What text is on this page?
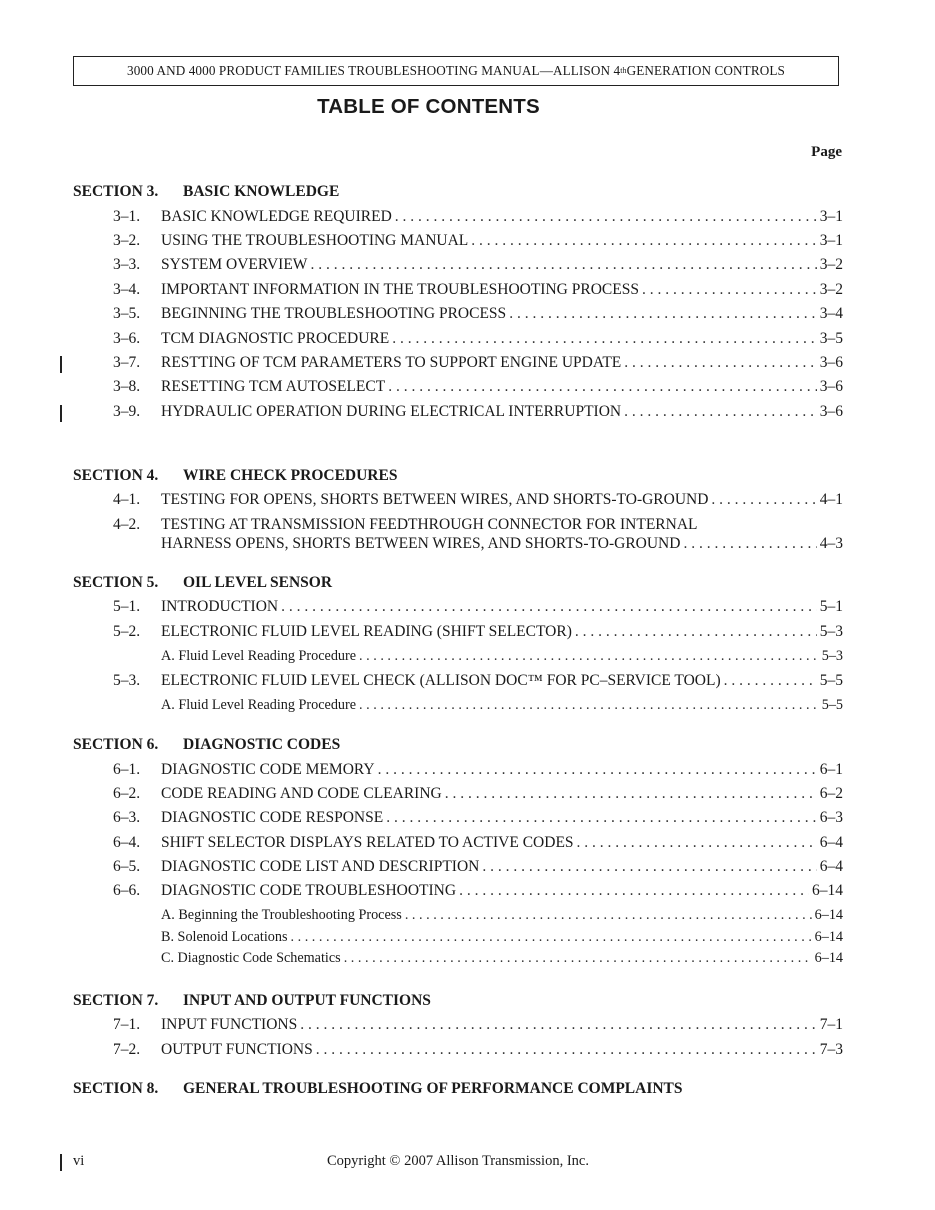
3000 AND 4000 PRODUCT FAMILIES TROUBLESHOOTING MANUAL—ALLISON 4th GENERATION CONTROLS
TABLE OF CONTENTS
Page
SECTION 3. BASIC KNOWLEDGE
3–1. BASIC KNOWLEDGE REQUIRED . . .	3–1
3–2. USING THE TROUBLESHOOTING MANUAL . . .	3–1
3–3. SYSTEM OVERVIEW . . .	3–2
3–4. IMPORTANT INFORMATION IN THE TROUBLESHOOTING PROCESS . . .	3–2
3–5. BEGINNING THE TROUBLESHOOTING PROCESS . . .	3–4
3–6. TCM DIAGNOSTIC PROCEDURE . . .	3–5
3–7. RESTTING OF TCM PARAMETERS TO SUPPORT ENGINE UPDATE . . .	3–6
3–8. RESETTING TCM AUTOSELECT . . .	3–6
3–9. HYDRAULIC OPERATION DURING ELECTRICAL INTERRUPTION . . .	3–6
SECTION 4. WIRE CHECK PROCEDURES
4–1. TESTING FOR OPENS, SHORTS BETWEEN WIRES, AND SHORTS-TO-GROUND . . .	4–1
4–2. TESTING AT TRANSMISSION FEEDTHROUGH CONNECTOR FOR INTERNAL
HARNESS OPENS, SHORTS BETWEEN WIRES, AND SHORTS-TO-GROUND . . .	4–3
SECTION 5. OIL LEVEL SENSOR
5–1. INTRODUCTION . . .	5–1
5–2. ELECTRONIC FLUID LEVEL READING (SHIFT SELECTOR) . . .	5–3
A. Fluid Level Reading Procedure . . .	5–3
5–3. ELECTRONIC FLUID LEVEL CHECK (ALLISON DOC™ FOR PC–SERVICE TOOL) . . .	5–5
A. Fluid Level Reading Procedure . . .	5–5
SECTION 6. DIAGNOSTIC CODES
6–1. DIAGNOSTIC CODE MEMORY . . .	6–1
6–2. CODE READING AND CODE CLEARING . . .	6–2
6–3. DIAGNOSTIC CODE RESPONSE . . .	6–3
6–4. SHIFT SELECTOR DISPLAYS RELATED TO ACTIVE CODES . . .	6–4
6–5. DIAGNOSTIC CODE LIST AND DESCRIPTION . . .	6–4
6–6. DIAGNOSTIC CODE TROUBLESHOOTING . . .	6–14
A. Beginning the Troubleshooting Process . . .	6–14
B. Solenoid Locations . . .	6–14
C. Diagnostic Code Schematics . . .	6–14
SECTION 7. INPUT AND OUTPUT FUNCTIONS
7–1. INPUT FUNCTIONS . . .	7–1
7–2. OUTPUT FUNCTIONS . . .	7–3
SECTION 8. GENERAL TROUBLESHOOTING OF PERFORMANCE COMPLAINTS
vi	Copyright © 2007 Allison Transmission, Inc.
